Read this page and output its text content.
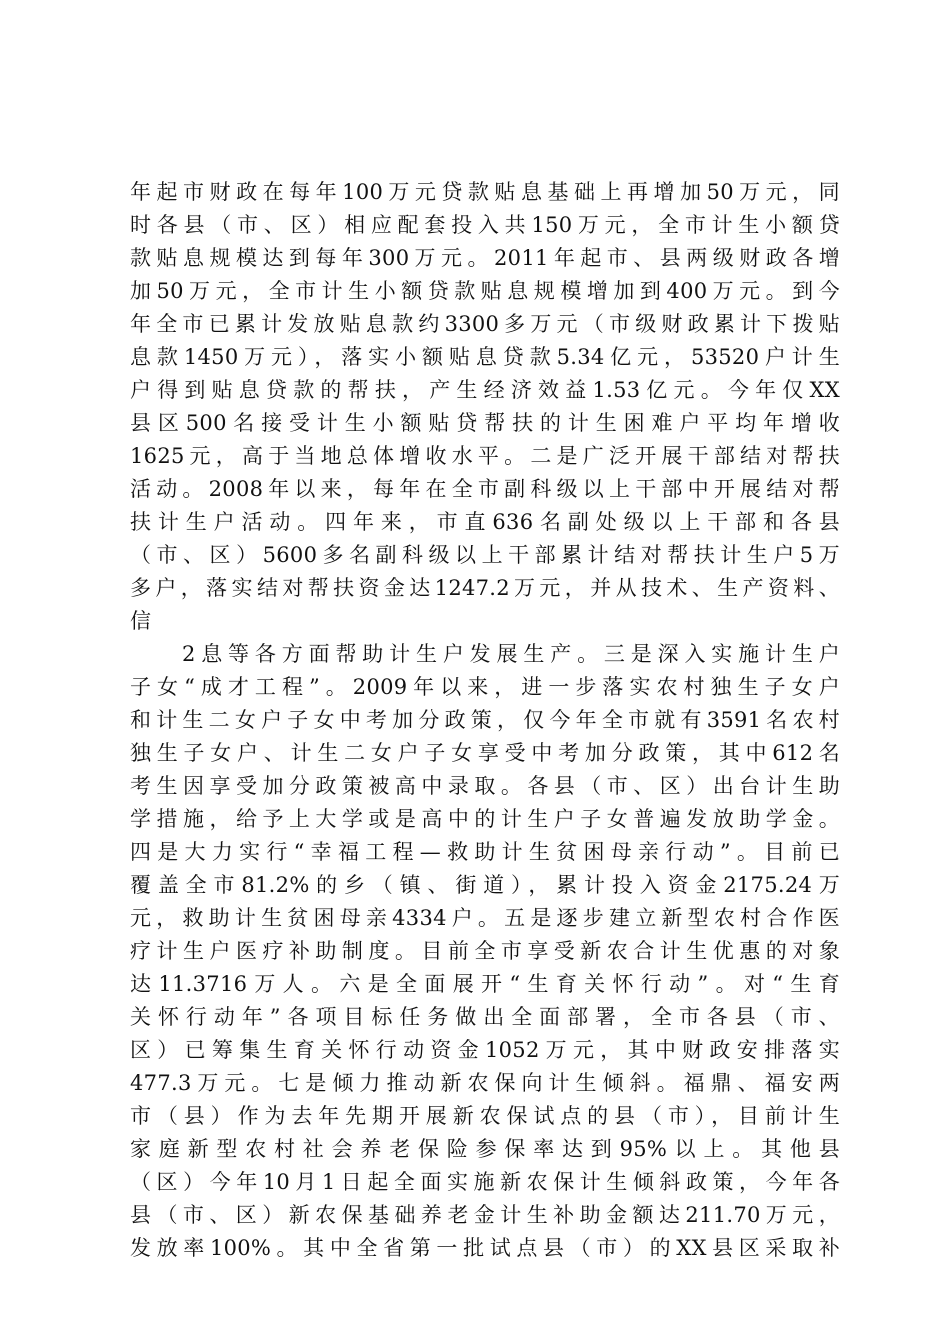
年起市财政在每年100万元贷款贴息基础上再增加50万元，同
时各县（市、区）相应配套投入共150万元，全市计生小额贷
款贴息规模达到每年300万元。2011年起市、县两级财政各增
加50万元，全市计生小额贷款贴息规模增加到400万元。到今
年全市已累计发放贴息款约3300多万元（市级财政累计下拨贴
息款1450万元），落实小额贴息贷款5.34亿元，53520户计生
户得到贴息贷款的帮扶，产生经济效益1.53亿元。今年仅XX
县区500名接受计生小额贴贷帮扶的计生困难户平均年增收
1625元，高于当地总体增收水平。二是广泛开展干部结对帮扶
活动。2008年以来，每年在全市副科级以上干部中开展结对帮
扶计生户活动。四年来，市直636名副处级以上干部和各县
（市、区）5600多名副科级以上干部累计结对帮扶计生户5万
多户，落实结对帮扶资金达1247.2万元，并从技术、生产资料、
信
2息等各方面帮助计生户发展生产。三是深入实施计生户
子女“成才工程”。2009年以来，进一步落实农村独生子女户
和计生二女户子女中考加分政策，仅今年全市就有3591名农村
独生子女户、计生二女户子女享受中考加分政策，其中612名
考生因享受加分政策被高中录取。各县（市、区）出台计生助
学措施，给予上大学或是高中的计生户子女普遍发放助学金。
四是大力实行“幸福工程—救助计生贫困母亲行动”。目前已
覆盖全市81.2%的乡（镇、街道），累计投入资金2175.24万
元，救助计生贫困母亲4334户。五是逐步建立新型农村合作医
疗计生户医疗补助制度。目前全市享受新农合计生优惠的对象
达11.3716万人。六是全面展开“生育关怀行动”。对“生育
关怀行动年”各项目标任务做出全面部署，全市各县（市、
区）已筹集生育关怀行动资金1052万元，其中财政安排落实
477.3万元。七是倾力推动新农保向计生倾斜。福鼎、福安两
市（县）作为去年先期开展新农保试点的县（市），目前计生
家庭新型农村社会养老保险参保率达到95%以上。其他县
（区）今年10月1日起全面实施新农保计生倾斜政策，今年各
县（市、区）新农保基础养老金计生补助金额达211.70万元，
发放率100%。其中全省第一批试点县（市）的XX县区采取补
